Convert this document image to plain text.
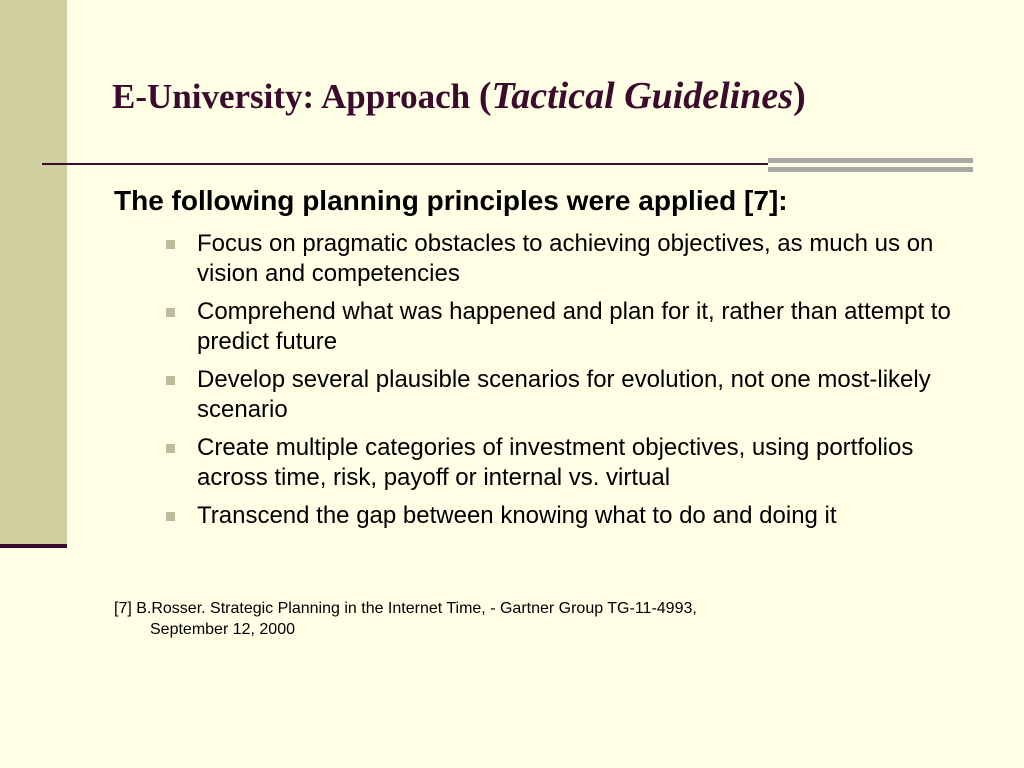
E-University: Approach (Tactical Guidelines)

The following planning principles were applied [7]:

Focus on pragmatic obstacles to achieving objectives, as much us on vision and competencies
Comprehend what was happened and plan for it, rather than attempt to predict future
Develop several plausible scenarios for evolution, not one most-likely scenario
Create multiple categories of investment objectives, using portfolios across time, risk, payoff or internal vs. virtual
Transcend the gap between knowing what to do and doing it

[7] B.Rosser. Strategic Planning in the Internet Time, - Gartner Group TG-11-4993,
September 12, 2000
